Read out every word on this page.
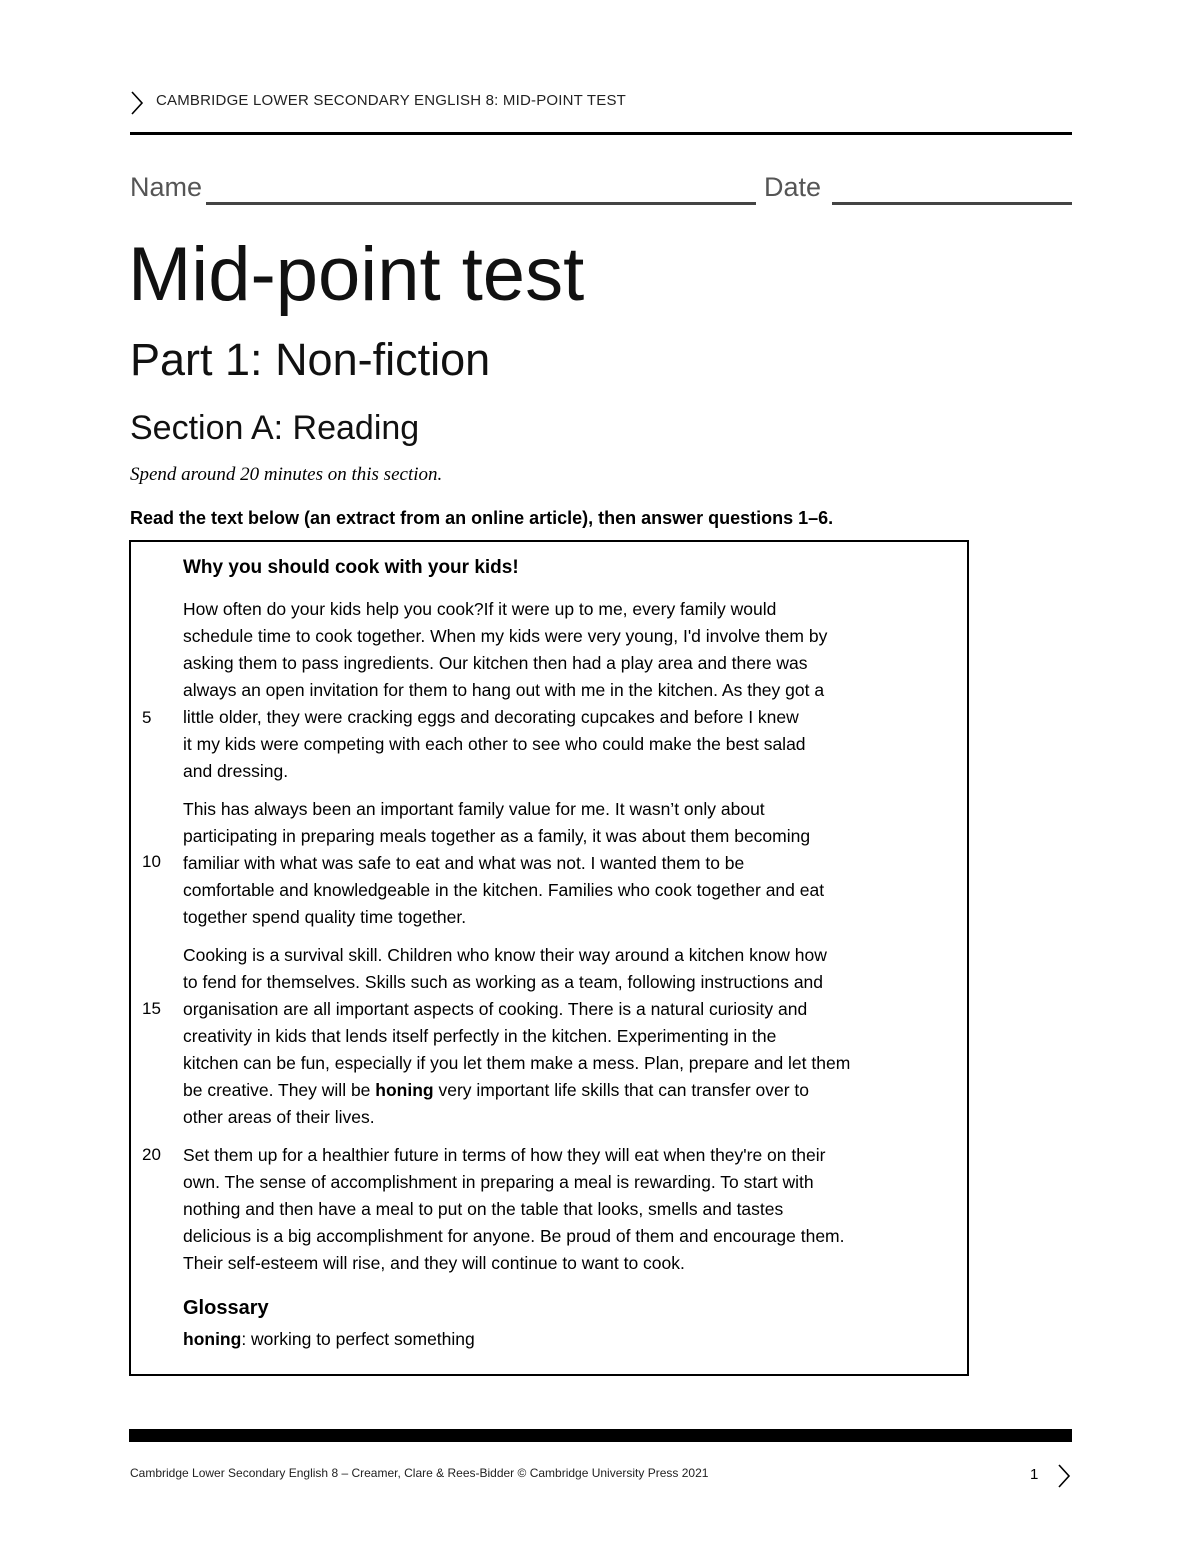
CAMBRIDGE LOWER SECONDARY ENGLISH 8: MID-POINT TEST
Name	Date
Mid-point test
Part 1: Non-fiction
Section A: Reading
Spend around 20 minutes on this section.
Read the text below (an extract from an online article), then answer questions 1–6.
Why you should cook with your kids!
How often do your kids help you cook?If it were up to me, every family would
schedule time to cook together. When my kids were very young, I'd involve them by
asking them to pass ingredients. Our kitchen then had a play area and there was
always an open invitation for them to hang out with me in the kitchen. As they got a
little older, they were cracking eggs and decorating cupcakes and before I knew
it my kids were competing with each other to see who could make the best salad
and dressing.
This has always been an important family value for me. It wasn’t only about
participating in preparing meals together as a family, it was about them becoming
familiar with what was safe to eat and what was not. I wanted them to be
comfortable and knowledgeable in the kitchen. Families who cook together and eat
together spend quality time together.
Cooking is a survival skill. Children who know their way around a kitchen know how
to fend for themselves. Skills such as working as a team, following instructions and
organisation are all important aspects of cooking. There is a natural curiosity and
creativity in kids that lends itself perfectly in the kitchen. Experimenting in the
kitchen can be fun, especially if you let them make a mess. Plan, prepare and let them
be creative. They will be honing very important life skills that can transfer over to
other areas of their lives.
Set them up for a healthier future in terms of how they will eat when they're on their
own. The sense of accomplishment in preparing a meal is rewarding. To start with
nothing and then have a meal to put on the table that looks, smells and tastes
delicious is a big accomplishment for anyone. Be proud of them and encourage them.
Their self-esteem will rise, and they will continue to want to cook.
5
10
15
20
Glossary
honing: working to perfect something
Cambridge Lower Secondary English 8 – Creamer, Clare & Rees-Bidder © Cambridge University Press 2021	1
